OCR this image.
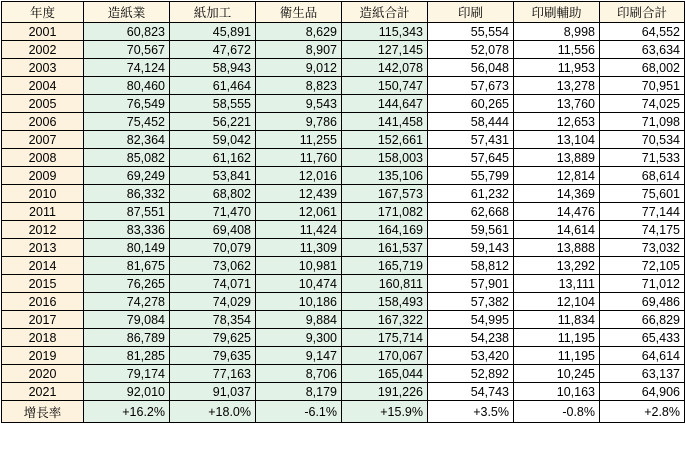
年度	造紙業	紙加工	衛生品	造紙合計	印刷	印刷輔助	印刷合計
2001	60,823	45,891	8,629	115,343	55,554	8,998	64,552
2002	70,567	47,672	8,907	127,145	52,078	11,556	63,634
2003	74,124	58,943	9,012	142,078	56,048	11,953	68,002
2004	80,460	61,464	8,823	150,747	57,673	13,278	70,951
2005	76,549	58,555	9,543	144,647	60,265	13,760	74,025
2006	75,452	56,221	9,786	141,458	58,444	12,653	71,098
2007	82,364	59,042	11,255	152,661	57,431	13,104	70,534
2008	85,082	61,162	11,760	158,003	57,645	13,889	71,533
2009	69,249	53,841	12,016	135,106	55,799	12,814	68,614
2010	86,332	68,802	12,439	167,573	61,232	14,369	75,601
2011	87,551	71,470	12,061	171,082	62,668	14,476	77,144
2012	83,336	69,408	11,424	164,169	59,561	14,614	74,175
2013	80,149	70,079	11,309	161,537	59,143	13,888	73,032
2014	81,675	73,062	10,981	165,719	58,812	13,292	72,105
2015	76,265	74,071	10,474	160,811	57,901	13,111	71,012
2016	74,278	74,029	10,186	158,493	57,382	12,104	69,486
2017	79,084	78,354	9,884	167,322	54,995	11,834	66,829
2018	86,789	79,625	9,300	175,714	54,238	11,195	65,433
2019	81,285	79,635	9,147	170,067	53,420	11,195	64,614
2020	79,174	77,163	8,706	165,044	52,892	10,245	63,137
2021	92,010	91,037	8,179	191,226	54,743	10,163	64,906
增長率	+16.2%	+18.0%	-6.1%	+15.9%	+3.5%	-0.8%	+2.8%
